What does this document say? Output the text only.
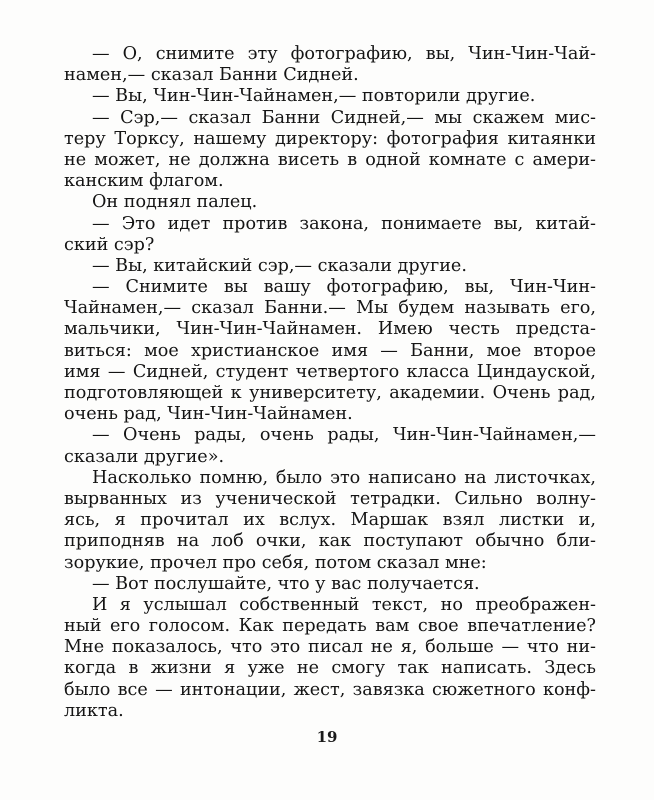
— О, снимите эту фотографию, вы, Чин-Чин-Чай-
намен,— сказал Банни Сидней.
— Вы, Чин-Чин-Чайнамен,— повторили другие.
— Сэр,— сказал Банни Сидней,— мы скажем мис-
теру Торксу, нашему директору: фотография китаянки
не может, не должна висеть в одной комнате с амери-
канским флагом.
Он поднял палец.
— Это идет против закона, понимаете вы, китай-
ский сэр?
— Вы, китайский сэр,— сказали другие.
— Снимите вы вашу фотографию, вы, Чин-Чин-
Чайнамен,— сказал Банни.— Мы будем называть его,
мальчики, Чин-Чин-Чайнамен. Имею честь предста-
виться: мое христианское имя — Банни, мое второе
имя — Сидней, студент четвертого класса Циндауской,
подготовляющей к университету, академии. Очень рад,
очень рад, Чин-Чин-Чайнамен.
— Очень рады, очень рады, Чин-Чин-Чайнамен,—
сказали другие».
Насколько помню, было это написано на листочках,
вырванных из ученической тетрадки. Сильно волну-
ясь, я прочитал их вслух. Маршак взял листки и,
приподняв на лоб очки, как поступают обычно бли-
зорукие, прочел про себя, потом сказал мне:
— Вот послушайте, что у вас получается.
И я услышал собственный текст, но преображен-
ный его голосом. Как передать вам свое впечатление?
Мне показалось, что это писал не я, больше — что ни-
когда в жизни я уже не смогу так написать. Здесь
было все — интонации, жест, завязка сюжетного конф-
ликта.
19
